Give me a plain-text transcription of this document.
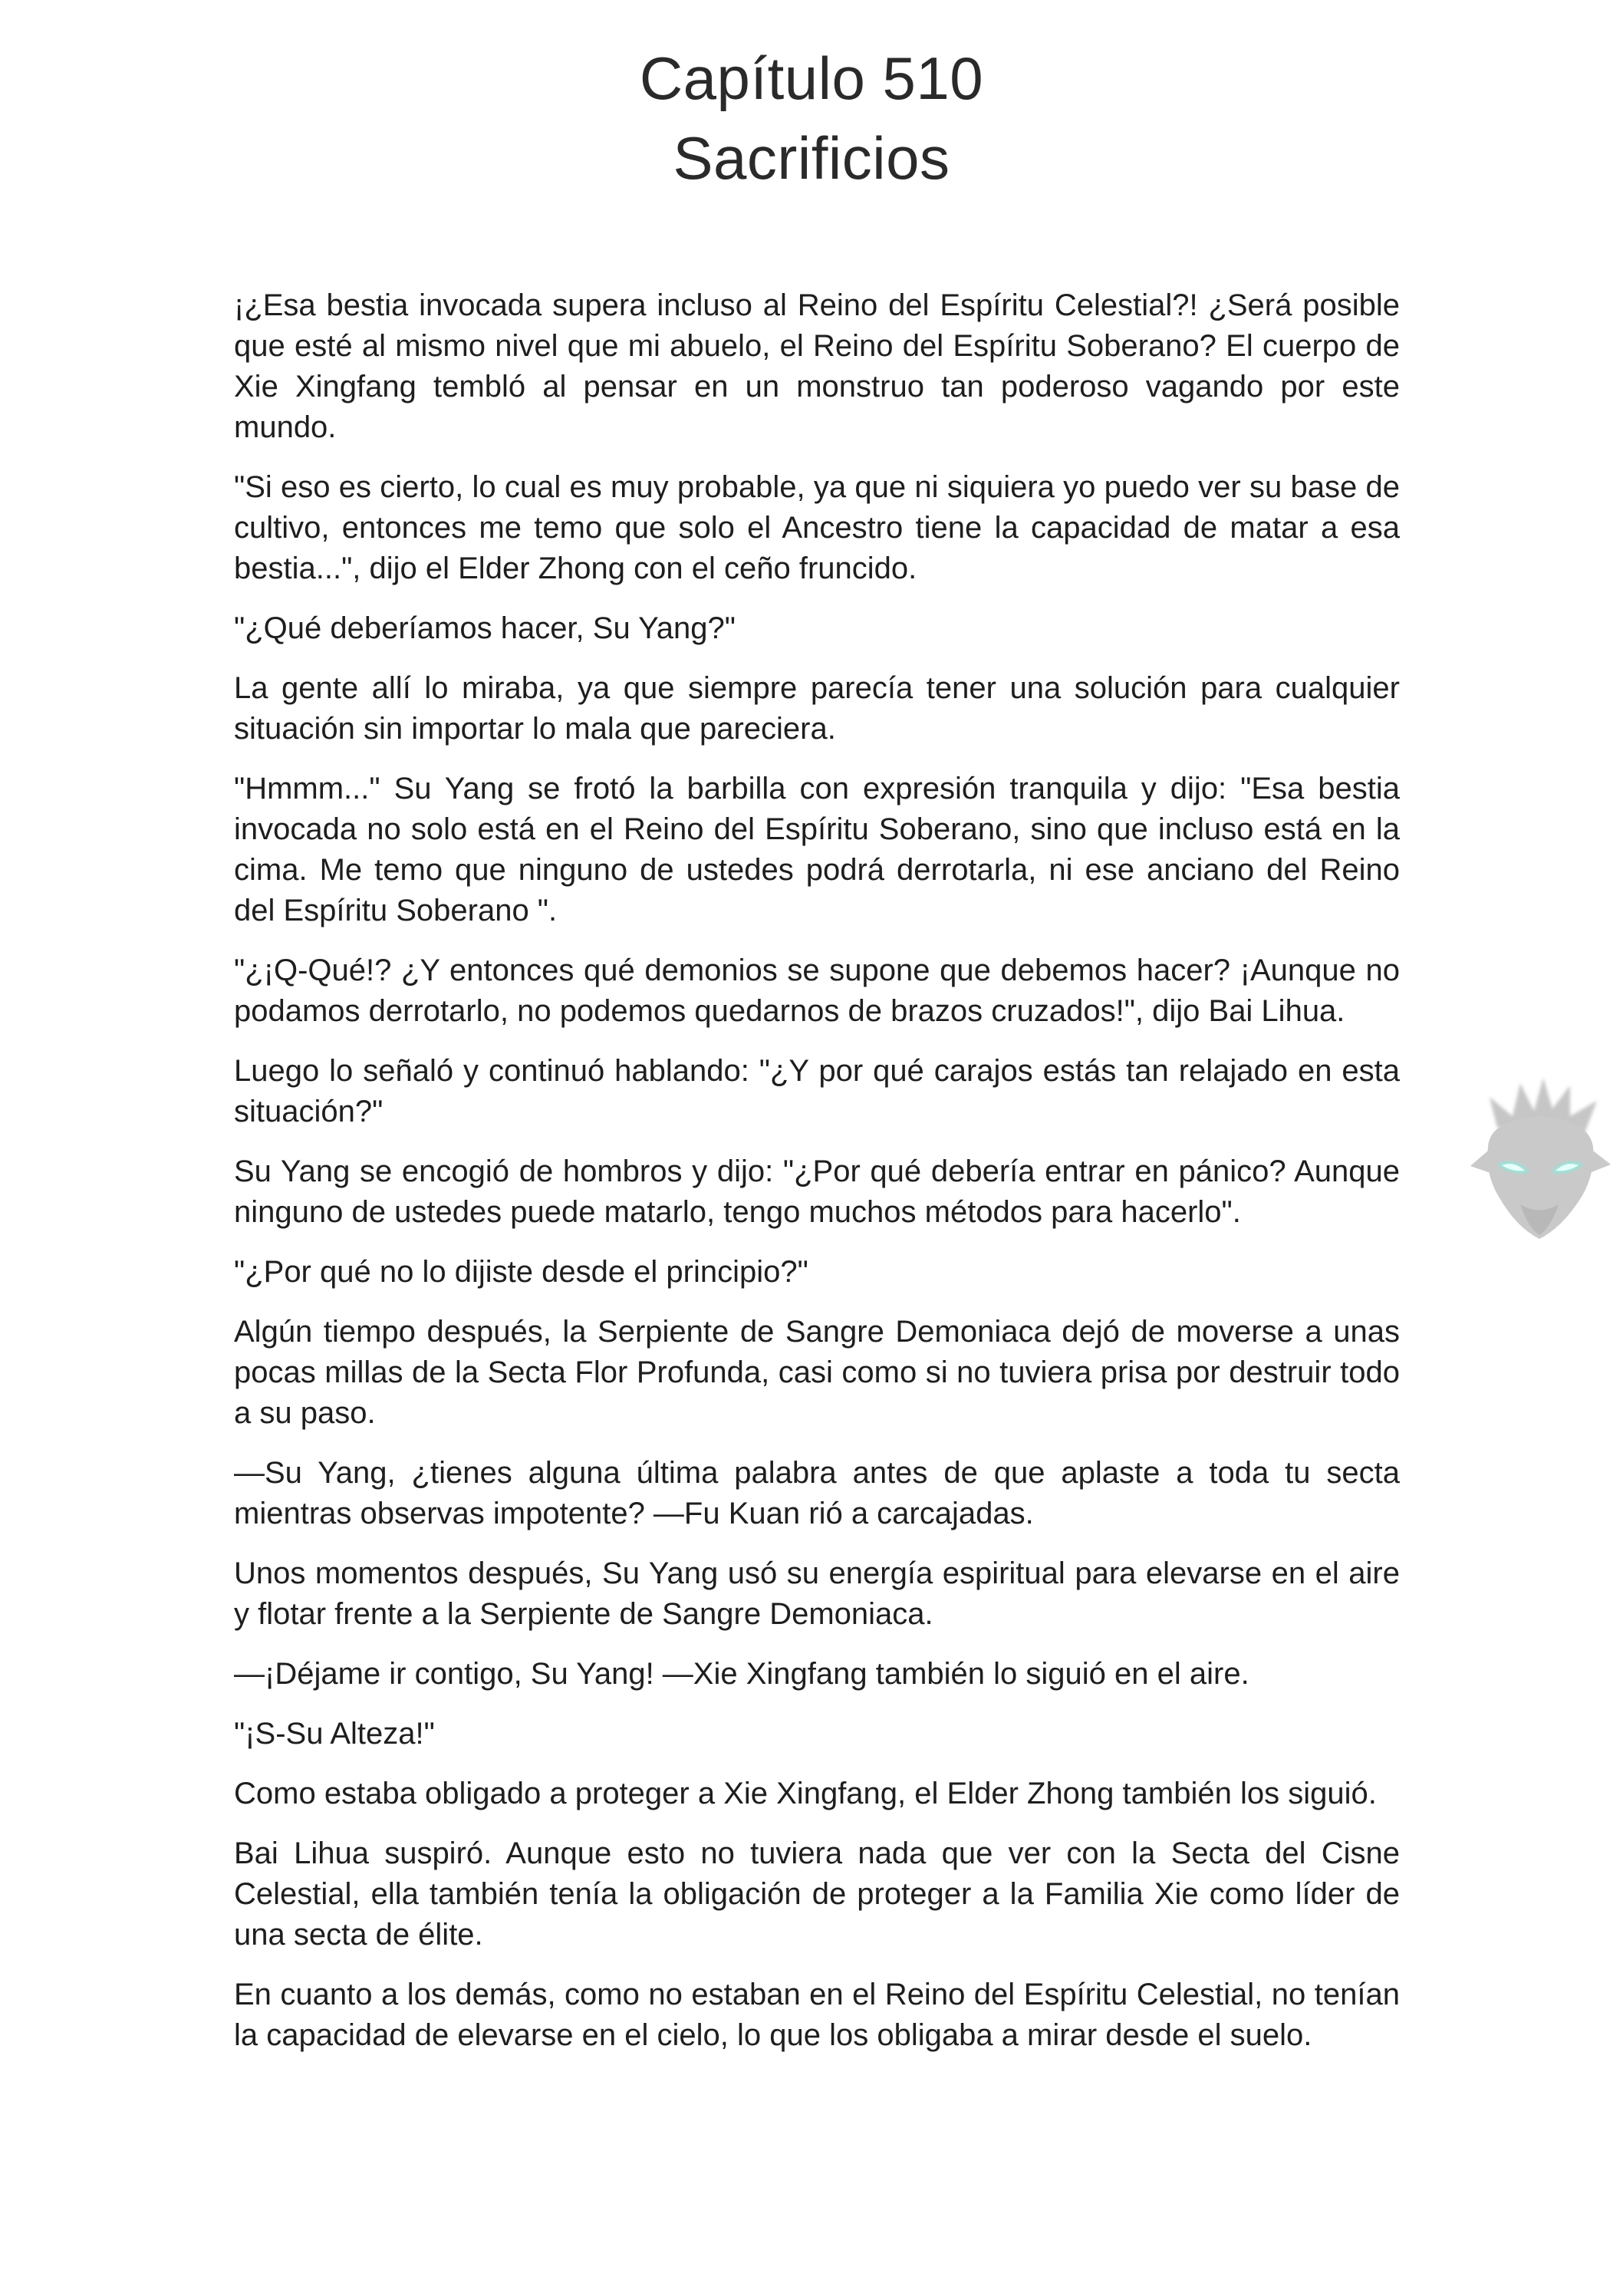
Capítulo 510
Sacrificios

¡¿Esa bestia invocada supera incluso al Reino del Espíritu Celestial?! ¿Será posible que esté al mismo nivel que mi abuelo, el Reino del Espíritu Soberano? El cuerpo de Xie Xingfang tembló al pensar en un monstruo tan poderoso vagando por este mundo.

"Si eso es cierto, lo cual es muy probable, ya que ni siquiera yo puedo ver su base de cultivo, entonces me temo que solo el Ancestro tiene la capacidad de matar a esa bestia...", dijo el Elder Zhong con el ceño fruncido.

"¿Qué deberíamos hacer, Su Yang?"

La gente allí lo miraba, ya que siempre parecía tener una solución para cualquier situación sin importar lo mala que pareciera.

"Hmmm..." Su Yang se frotó la barbilla con expresión tranquila y dijo: "Esa bestia invocada no solo está en el Reino del Espíritu Soberano, sino que incluso está en la cima. Me temo que ninguno de ustedes podrá derrotarla, ni ese anciano del Reino del Espíritu Soberano ".

"¿¡Q-Qué!? ¿Y entonces qué demonios se supone que debemos hacer? ¡Aunque no podamos derrotarlo, no podemos quedarnos de brazos cruzados!", dijo Bai Lihua.

Luego lo señaló y continuó hablando: "¿Y por qué carajos estás tan relajado en esta situación?"

Su Yang se encogió de hombros y dijo: "¿Por qué debería entrar en pánico? Aunque ninguno de ustedes puede matarlo, tengo muchos métodos para hacerlo".

"¿Por qué no lo dijiste desde el principio?"

Algún tiempo después, la Serpiente de Sangre Demoniaca dejó de moverse a unas pocas millas de la Secta Flor Profunda, casi como si no tuviera prisa por destruir todo a su paso.

—Su Yang, ¿tienes alguna última palabra antes de que aplaste a toda tu secta mientras observas impotente? —Fu Kuan rió a carcajadas.

Unos momentos después, Su Yang usó su energía espiritual para elevarse en el aire y flotar frente a la Serpiente de Sangre Demoniaca.

—¡Déjame ir contigo, Su Yang! —Xie Xingfang también lo siguió en el aire.

"¡S-Su Alteza!"

Como estaba obligado a proteger a Xie Xingfang, el Elder Zhong también los siguió.

Bai Lihua suspiró. Aunque esto no tuviera nada que ver con la Secta del Cisne Celestial, ella también tenía la obligación de proteger a la Familia Xie como líder de una secta de élite.

En cuanto a los demás, como no estaban en el Reino del Espíritu Celestial, no tenían la capacidad de elevarse en el cielo, lo que los obligaba a mirar desde el suelo.
